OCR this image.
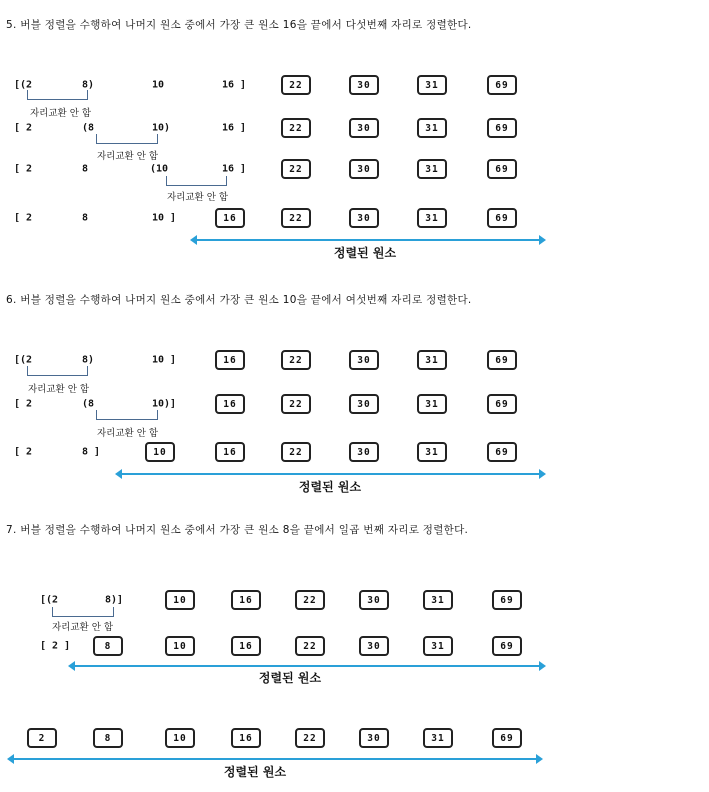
5. 버블 정렬을 수행하여 나머지 원소 중에서 가장 큰 원소 16을 끝에서 다섯번째 자리로 정렬한다.
[(2	8)	10	16 ]	22	30	31	69
[ 2	(8	10)	16 ]	22	30	31	69
[ 2	8	(10	16 ]	22	30	31	69
[ 2	8	10 ]	16	22	30	31	69
자리교환 안 함
자리교환 안 함
자리교환 안 함
정렬된 원소
6. 버블 정렬을 수행하여 나머지 원소 중에서 가장 큰 원소 10을 끝에서 여섯번째 자리로 정렬한다.
[(2	8)	10 ]	16	22	30	31	69
[ 2	(8	10)]	16	22	30	31	69
[ 2	8 ]	10	16	22	30	31	69
자리교환 안 함
자리교환 안 함
정렬된 원소
7. 버블 정렬을 수행하여 나머지 원소 중에서 가장 큰 원소 8을 끝에서 일곱 번째 자리로 정렬한다.
[(2	8)]	10	16	22	30	31	69
[ 2 ]	8	10	16	22	30	31	69
2	8	10	16	22	30	31	69
자리교환 안 함
정렬된 원소
정렬된 원소
